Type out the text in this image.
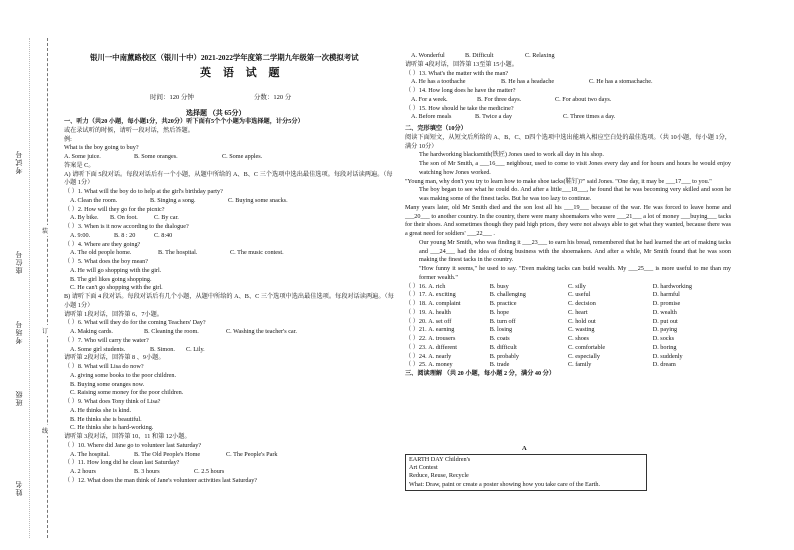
班级
姓名
考场号
座位号
考试号
装
订
线
银川一中南薰路校区（银川十中）2021-2022学年度第二学期九年级第一次模拟考试
英 语 试 题
时间：120 分钟	分数：120 分
选择题 （共 65分）
一、听力（共20 小题，每小题1分，共20分）听下面有5个个小题为非选择题，计分5分）
或在录试听的时候，请听一段对话，然后答题。
例:
What is the boy going to buy?
A. Some juice.	B. Some oranges.	C. Some apples.
答案是 C。
A) 请听下面 5段对话。每段对话后有一个小题，从题中所给的 A、B、C 三个选项中选出最佳选项。每段对话读两遍。（每小题 1分）
（ ）1. What will the boy do to help at the girl's birthday party?
A. Clean the room.	B. Singing a song.	C. Buying some snacks.
（ ）2. How will they go for the picnic?
A. By bike. B. On foot.	C. By car.
（ ）3. When is it now according to the dialogue?
A. 9:00.	B. 8 : 20	C. 8:40
（ ）4. Where are they going?
A. The old people home.	B. The hospital.	C. The music contest.
（ ）5. What does the boy mean?
A. He will go shopping with the girl.
B. The girl likes going shopping.
C. He can't go shopping with the girl.
B) 请听下面 4 段对话。每段对话后有几个小题，从题中所给的 A、B、C 三个选项中选出最佳选项。每段对话读两遍。（每小题 1分）
请听第 1段对话，回答第 6、7小题。
（ ）6. What will they do for the coming Teachers' Day?
A. Making cards.	B. Cleaning the room.	C. Washing the teacher's car.
（ ）7. Who will carry the water?
A. Some girl students.	B. Simon. C. Lily.
请听第 2段对话，回答第 8 、9小题。
（ ）8. What will Lisa do now?
A. giving some books to the poor children.
B. Buying some oranges now.
C. Raising some money for the poor children.
（ ）9. What does Tony think of Lisa?
A. He thinks she is kind.
B. He thinks she is beautiful.
C. He thinks she is hard-working.
请听第 3段对话，回答第 10、11 和第 12小题。
（ ）10. Where did Jane go to volunteer last Saturday?
A. The hospital.	B. The Old People's Home	C. The People's Park
（ ）11. How long did he clean last Saturday?
A. 2 hours	B. 3 hours	C. 2.5 hours
（ ）12. What does the man think of Jane's volunteer activities last Saturday?
A. Wonderful	B. Difficult	C. Relaxing
请听第 4段对话，回答第 13至第 15小题。
（ ）13. What's the matter with the man?
A. He has a toothache	B. He has a headache	C. He has a stomachache.
（ ）14. How long does he have the matter?
A. For a week.	B. For three days.	C. For about two days.
（ ）15. How should he take the medicine?
A. Before meals	B. Twice a day	C. Three times a day.
二、完形填空（10分）
阅读下面短文，从短文后所给的 A、B、C、D四个选项中选出能填入相应空白处的最佳选项。（共 10小题，每小题 1分，满分 10分）
The hardworking blacksmith(铁匠) Jones used to work all day in his shop.
The son of Mr Smith, a ___16___ neighbour, used to come to visit Jones every day and for hours and hours he would enjoy watching how Jones worked.
"Young man, why don't you try to learn how to make shoe tacks(鞋钉)?" said Jones. "One day, it may be ___17___ to you."
The boy began to see what he could do. And after a little___18___, he found that he was becoming very skilled and soon he was making some of the finest tacks. But he was too lazy to continue.
Many years later, old Mr Smith died and the son lost all his ___19___ because of the war. He was forced to leave home and ___20___ to another country. In the country, there were many shoemakers who were ___21___ a lot of money ___buying___ tacks for their shoes. And sometimes though they paid high prices, they were not always able to get what they wanted, because there was a great need for soldiers' ___22___ .
Our young Mr Smith, who was finding it ___23___ to earn his bread, remembered that he had learned the art of making tacks and ___24___ had the idea of doing business with the shoemakers. And after a while, Mr Smith found that he was soon making the finest tacks in the country.
"How funny it seems," he used to say. "Even making tacks can build wealth. My ___25___ is more useful to me than my former wealth."
（ ）16. A. rich	B. busy	C. silly	D. hardworking
（ ）17. A. exciting	B. challenging	C. useful	D. harmful
（ ）18. A. complaint	B. practice	C. decision	D. promise
（ ）19. A. health	B. hope	C. heart	D. wealth
（ ）20. A. set off	B. turn off	C. hold out	D. put out
（ ）21. A. earning	B. losing	C. wasting	D. paying
（ ）22. A. trousers	B. coats	C. shoes	D. socks
（ ）23. A. different	B. difficult	C. comfortable	D. boring
（ ）24. A. nearly	B. probably	C. especially	D. suddenly
（ ）25. A. money	B. trade	C. family	D. dream
三、阅读理解 （共 20 小题，每小题 2 分，满分 40 分）
A
EARTH DAY Children's
Art Contest
Reduce, Reuse, Recycle
What: Draw, paint or create a poster showing how you take care of the Earth.
